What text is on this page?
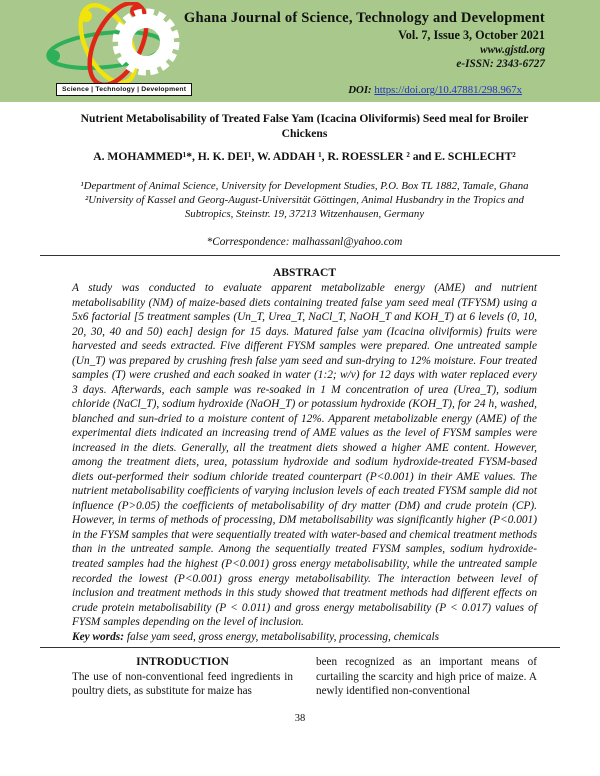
Science | Technology | Development
Ghana Journal of Science, Technology and Development
Vol. 7, Issue 3, October 2021
www.gjstd.org
e-ISSN: 2343-6727
DOI: https://doi.org/10.47881/298.967x
Nutrient Metabolisability of Treated False Yam (Icacina Oliviformis) Seed meal for Broiler Chickens
A. MOHAMMED¹*, H. K. DEI¹, W. ADDAH ¹, R. ROESSLER ² and E. SCHLECHT²
¹Department of Animal Science, University for Development Studies, P.O. Box TL 1882, Tamale, Ghana
²University of Kassel and Georg-August-Universität Göttingen, Animal Husbandry in the Tropics and Subtropics, Steinstr. 19, 37213 Witzenhausen, Germany
*Correspondence: malhassanl@yahoo.com
ABSTRACT
A study was conducted to evaluate apparent metabolizable energy (AME) and nutrient metabolisability (NM) of maize-based diets containing treated false yam seed meal (TFYSM) using a 5x6 factorial [5 treatment samples (Un_T, Urea_T, NaCl_T, NaOH_T and KOH_T) at 6 levels (0, 10, 20, 30, 40 and 50) each] design for 15 days. Matured false yam (Icacina oliviformis) fruits were harvested and seeds extracted. Five different FYSM samples were prepared. One untreated sample (Un_T) was prepared by crushing fresh false yam seed and sun-drying to 12% moisture. Four treated samples (T) were crushed and each soaked in water (1:2; w/v) for 12 days with water replaced every 3 days. Afterwards, each sample was re-soaked in 1 M concentration of urea (Urea_T), sodium chloride (NaCl_T), sodium hydroxide (NaOH_T) or potassium hydroxide (KOH_T), for 24 h, washed, blanched and sun-dried to a moisture content of 12%. Apparent metabolizable energy (AME) of the experimental diets indicated an increasing trend of AME values as the level of FYSM samples were increased in the diets. Generally, all the treatment diets showed a higher AME content. However, among the treatment diets, urea, potassium hydroxide and sodium hydroxide-treated FYSM-based diets out-performed their sodium chloride treated counterpart (P<0.001) in their AME values. The nutrient metabolisability coefficients of varying inclusion levels of each treated FYSM sample did not influence (P>0.05) the coefficients of metabolisability of dry matter (DM) and crude protein (CP). However, in terms of methods of processing, DM metabolisability was significantly higher (P<0.001) in the FYSM samples that were sequentially treated with water-based and chemical treatment methods than in the untreated sample. Among the sequentially treated FYSM samples, sodium hydroxide-treated samples had the highest (P<0.001) gross energy metabolisability, while the untreated sample recorded the lowest (P<0.001) gross energy metabolisability. The interaction between level of inclusion and treatment methods in this study showed that treatment methods had different effects on crude protein metabolisability (P < 0.011) and gross energy metabolisability (P < 0.017) values of FYSM samples depending on the level of inclusion.
Key words: false yam seed, gross energy, metabolisability, processing, chemicals
INTRODUCTION
The use of non-conventional feed ingredients in poultry diets, as substitute for maize has
been recognized as an important means of curtailing the scarcity and high price of maize. A newly identified non-conventional
38
